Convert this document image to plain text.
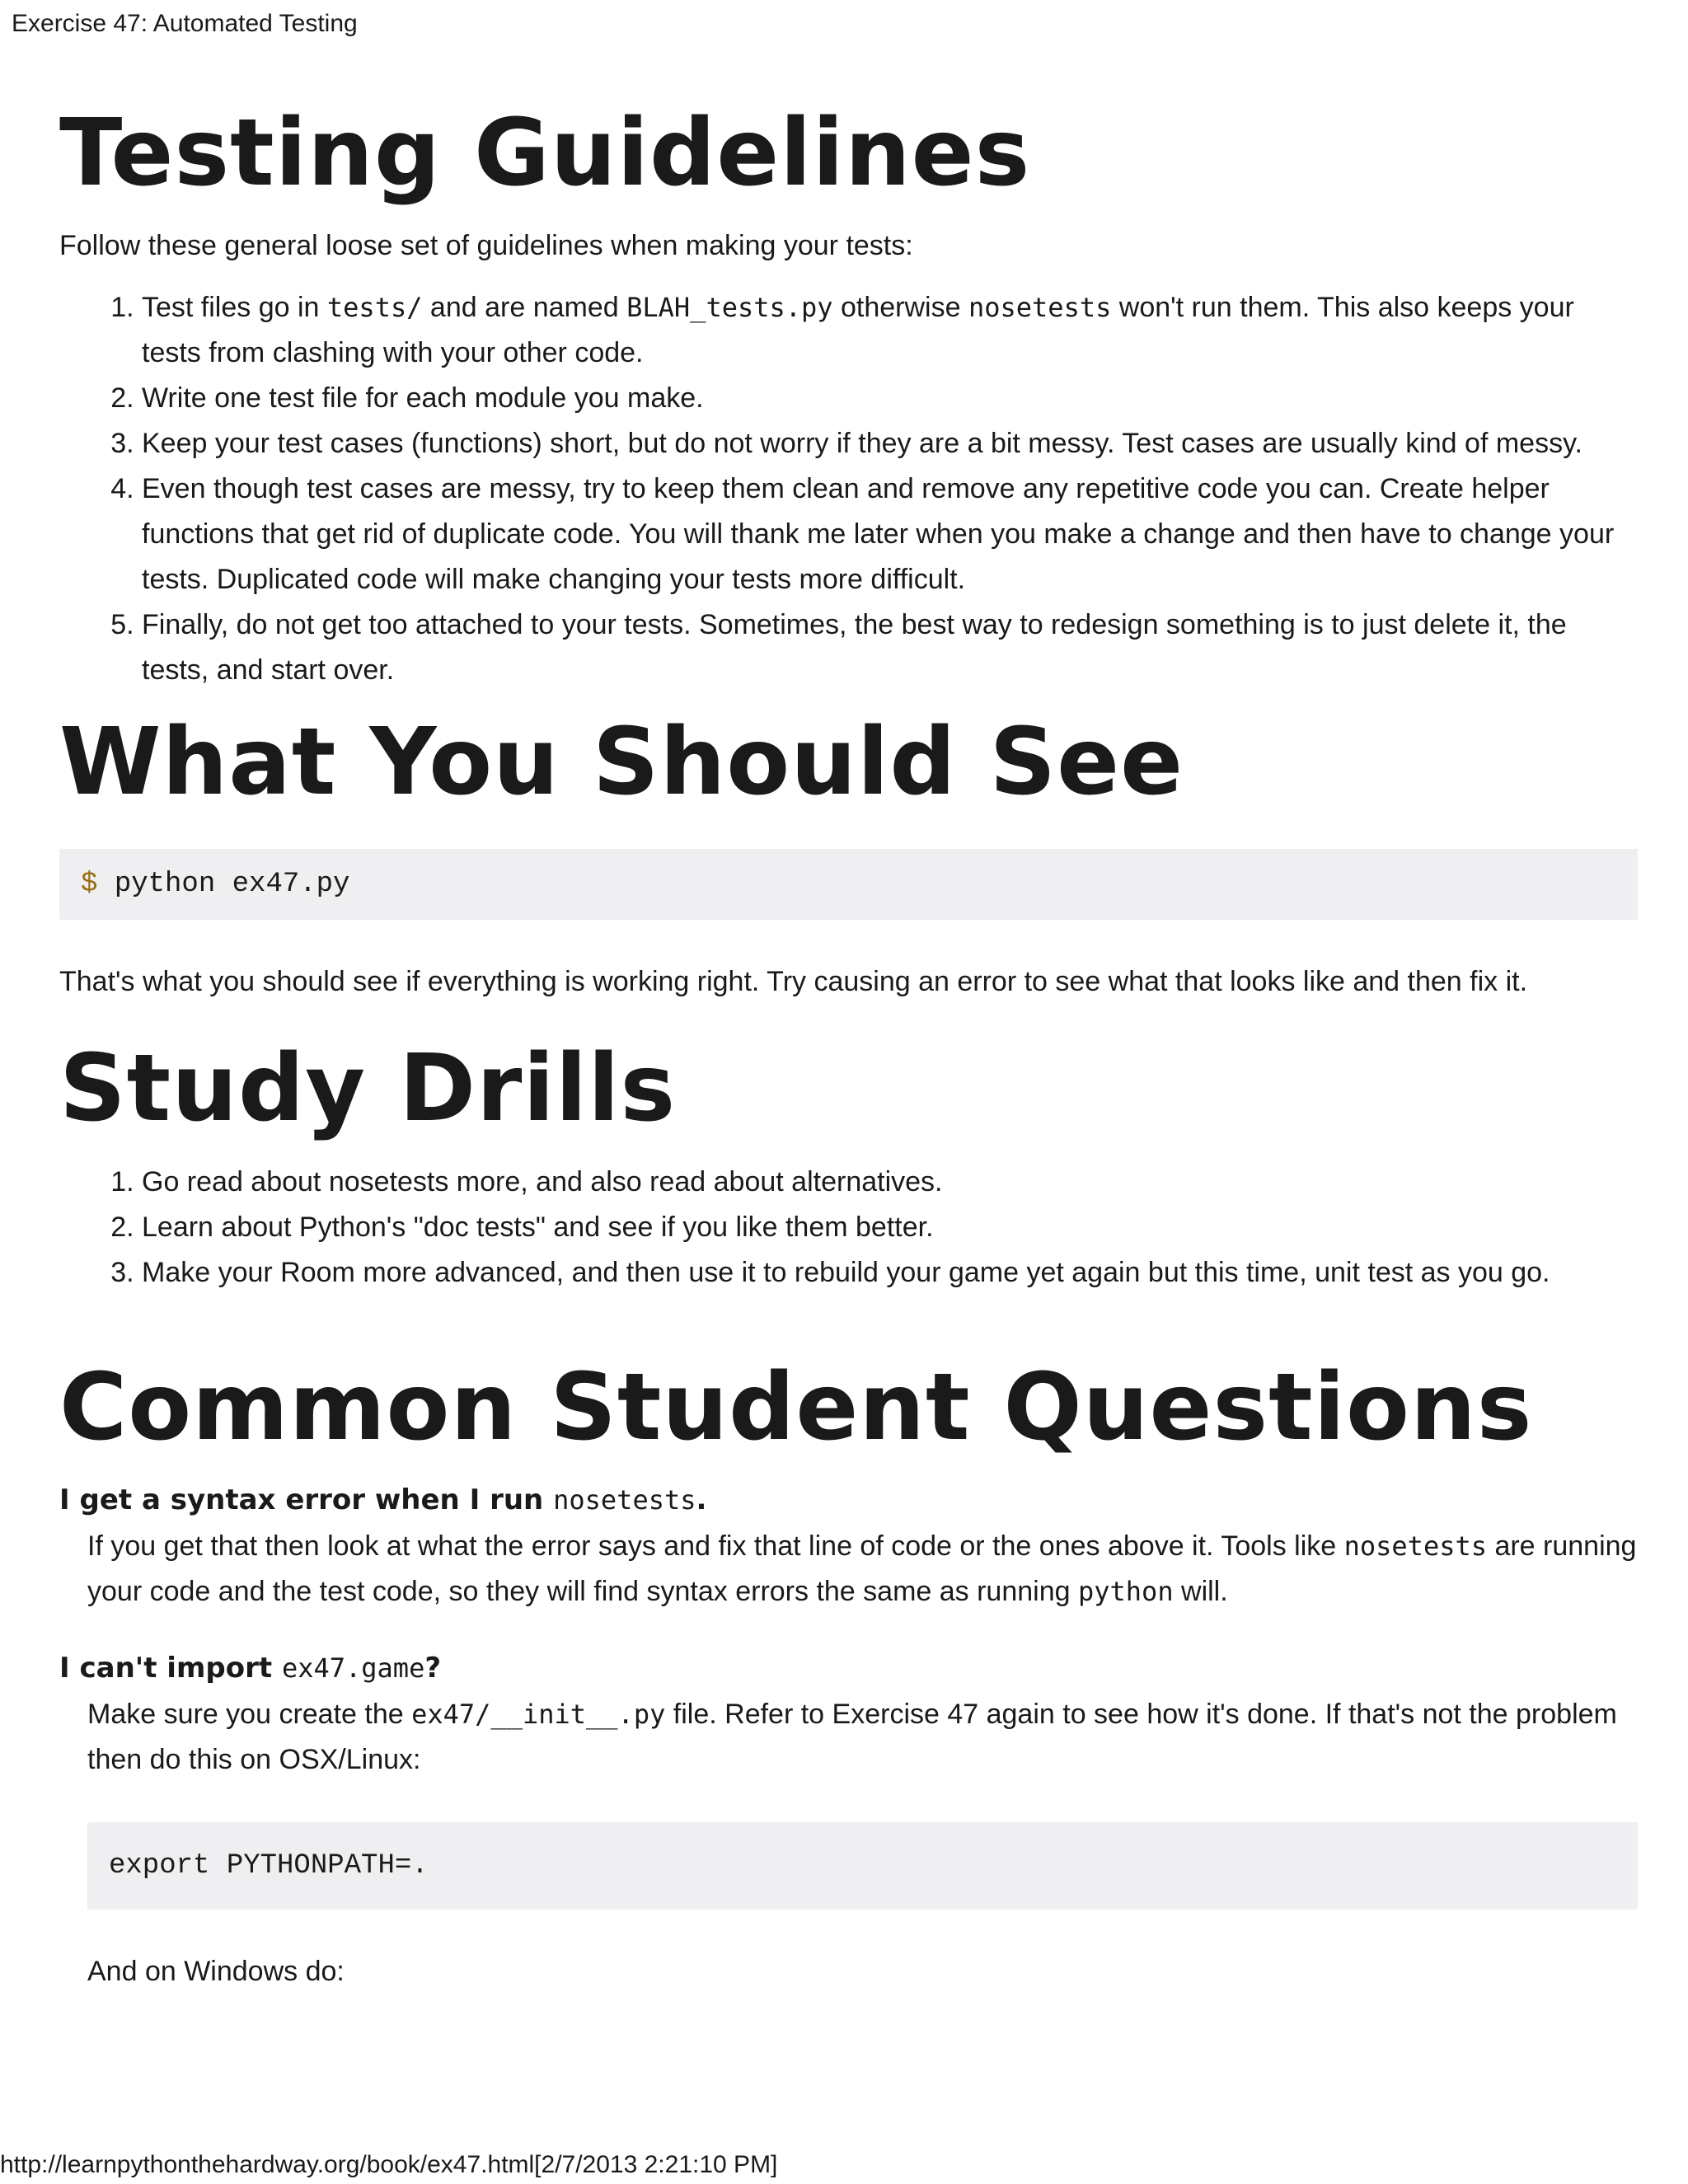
Exercise 47: Automated Testing
Testing Guidelines

Follow these general loose set of guidelines when making your tests:

1. Test files go in tests/ and are named BLAH_tests.py otherwise nosetests won't run them. This also keeps your tests from clashing with your other code.
2. Write one test file for each module you make.
3. Keep your test cases (functions) short, but do not worry if they are a bit messy. Test cases are usually kind of messy.
4. Even though test cases are messy, try to keep them clean and remove any repetitive code you can. Create helper functions that get rid of duplicate code. You will thank me later when you make a change and then have to change your tests. Duplicated code will make changing your tests more difficult.
5. Finally, do not get too attached to your tests. Sometimes, the best way to redesign something is to just delete it, the tests, and start over.
What You Should See
$ python ex47.py

That's what you should see if everything is working right. Try causing an error to see what that looks like and then fix it.

Study Drills
1. Go read about nosetests more, and also read about alternatives.
2. Learn about Python's "doc tests" and see if you like them better.
3. Make your Room more advanced, and then use it to rebuild your game yet again but this time, unit test as you go.
Common Student Questions
I get a syntax error when I run nosetests.

If you get that then look at what the error says and fix that line of code or the ones above it. Tools like nosetests are running your code and the test code, so they will find syntax errors the same as running python will.

I can't import ex47.game?

Make sure you create the ex47/__init__.py file. Refer to Exercise 47 again to see how it's done. If that's not the problem then do this on OSX/Linux:

export PYTHONPATH=.

And on Windows do:

http://learnpythonthehardway.org/book/ex47.html[2/7/2013 2:21:10 PM]
